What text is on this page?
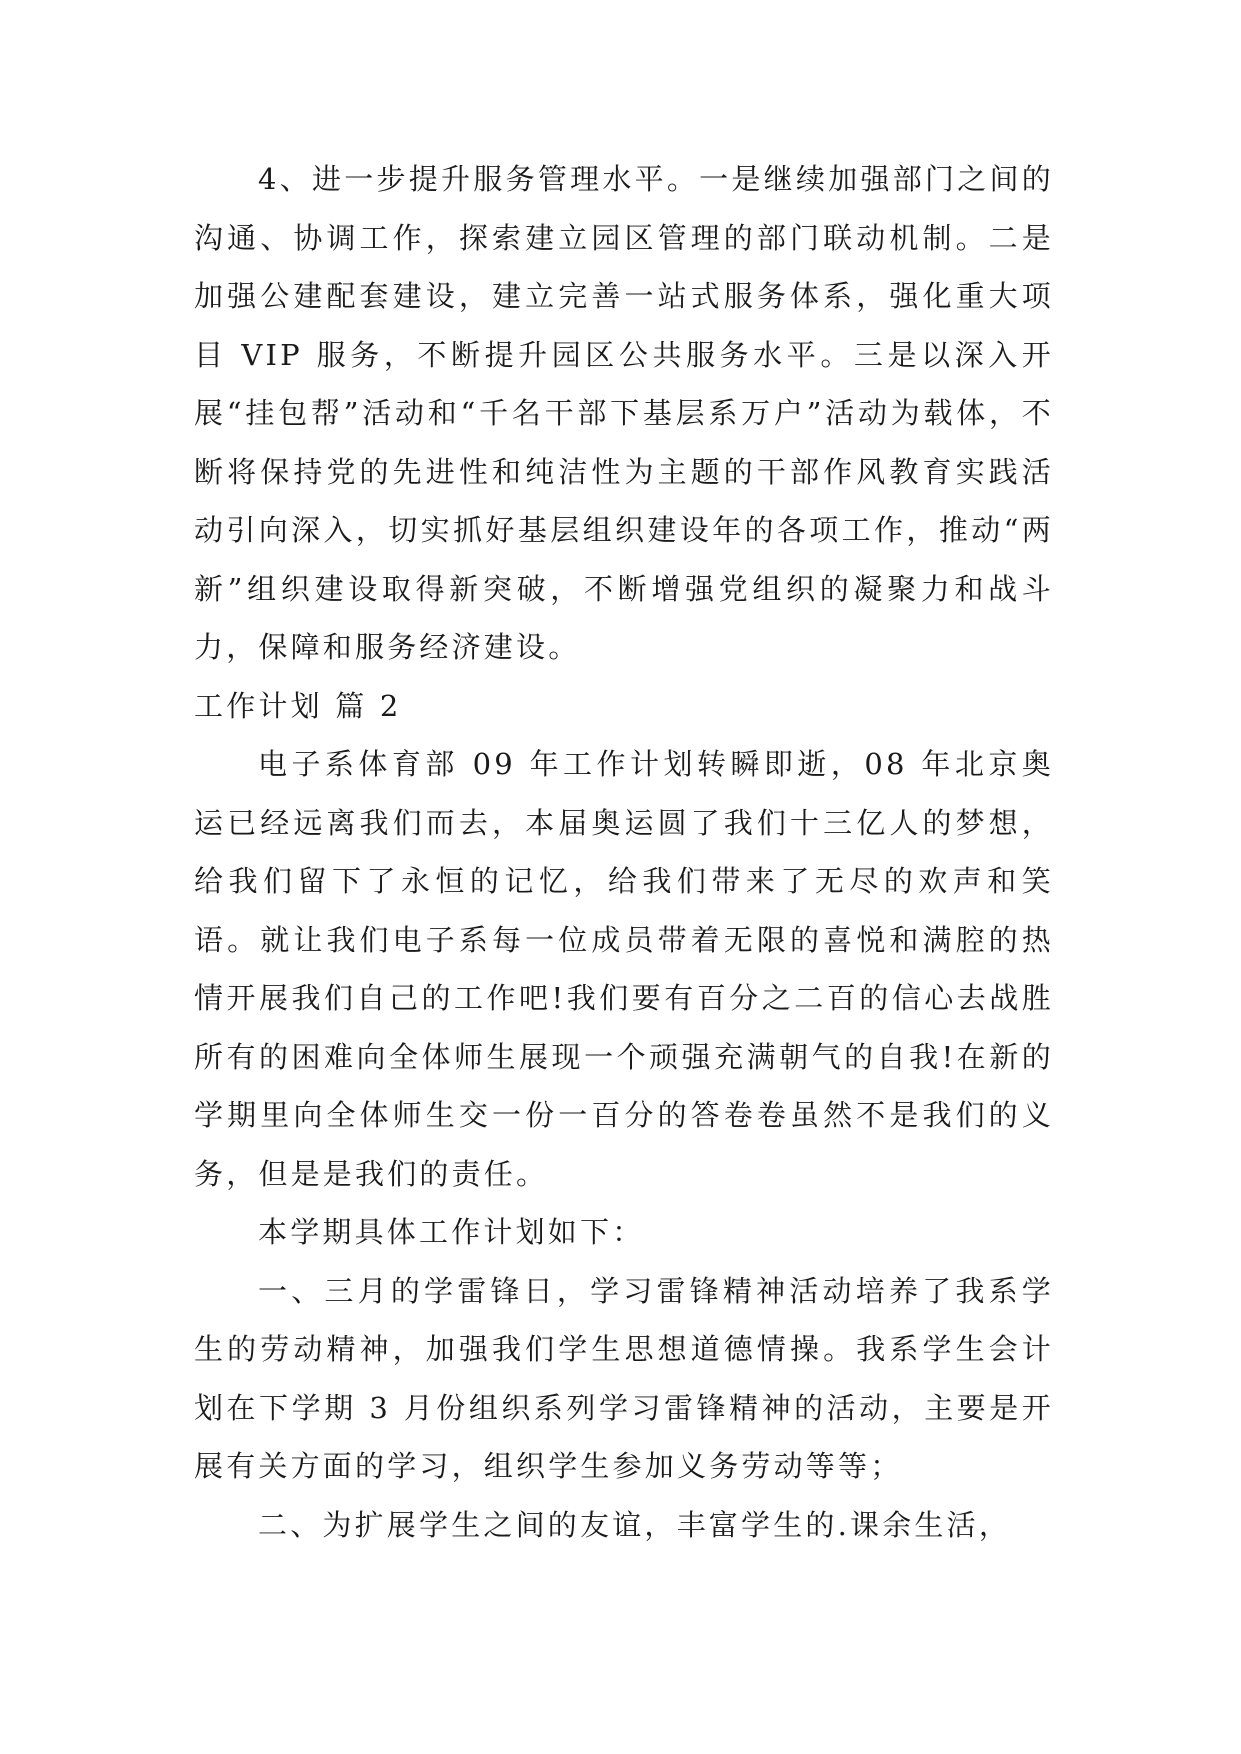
4、进一步提升服务管理水平。一是继续加强部门之间的沟通、协调工作，探索建立园区管理的部门联动机制。二是加强公建配套建设，建立完善一站式服务体系，强化重大项目 VIP 服务，不断提升园区公共服务水平。三是以深入开展“挂包帮”活动和“千名干部下基层系万户”活动为载体，不断将保持党的先进性和纯洁性为主题的干部作风教育实践活动引向深入，切实抓好基层组织建设年的各项工作，推动“两新”组织建设取得新突破，不断增强党组织的凝聚力和战斗力，保障和服务经济建设。

工作计划 篇 2

电子系体育部 09 年工作计划转瞬即逝，08 年北京奥运已经远离我们而去，本届奥运圆了我们十三亿人的梦想，给我们留下了永恒的记忆，给我们带来了无尽的欢声和笑语。就让我们电子系每一位成员带着无限的喜悦和满腔的热情开展我们自己的工作吧!我们要有百分之二百的信心去战胜所有的困难向全体师生展现一个顽强充满朝气的自我!在新的学期里向全体师生交一份一百分的答卷卷虽然不是我们的义务，但是是我们的责任。

本学期具体工作计划如下：

一、三月的学雷锋日，学习雷锋精神活动培养了我系学生的劳动精神，加强我们学生思想道德情操。我系学生会计划在下学期 3 月份组织系列学习雷锋精神的活动，主要是开展有关方面的学习，组织学生参加义务劳动等等；

二、为扩展学生之间的友谊，丰富学生的.课余生活，
